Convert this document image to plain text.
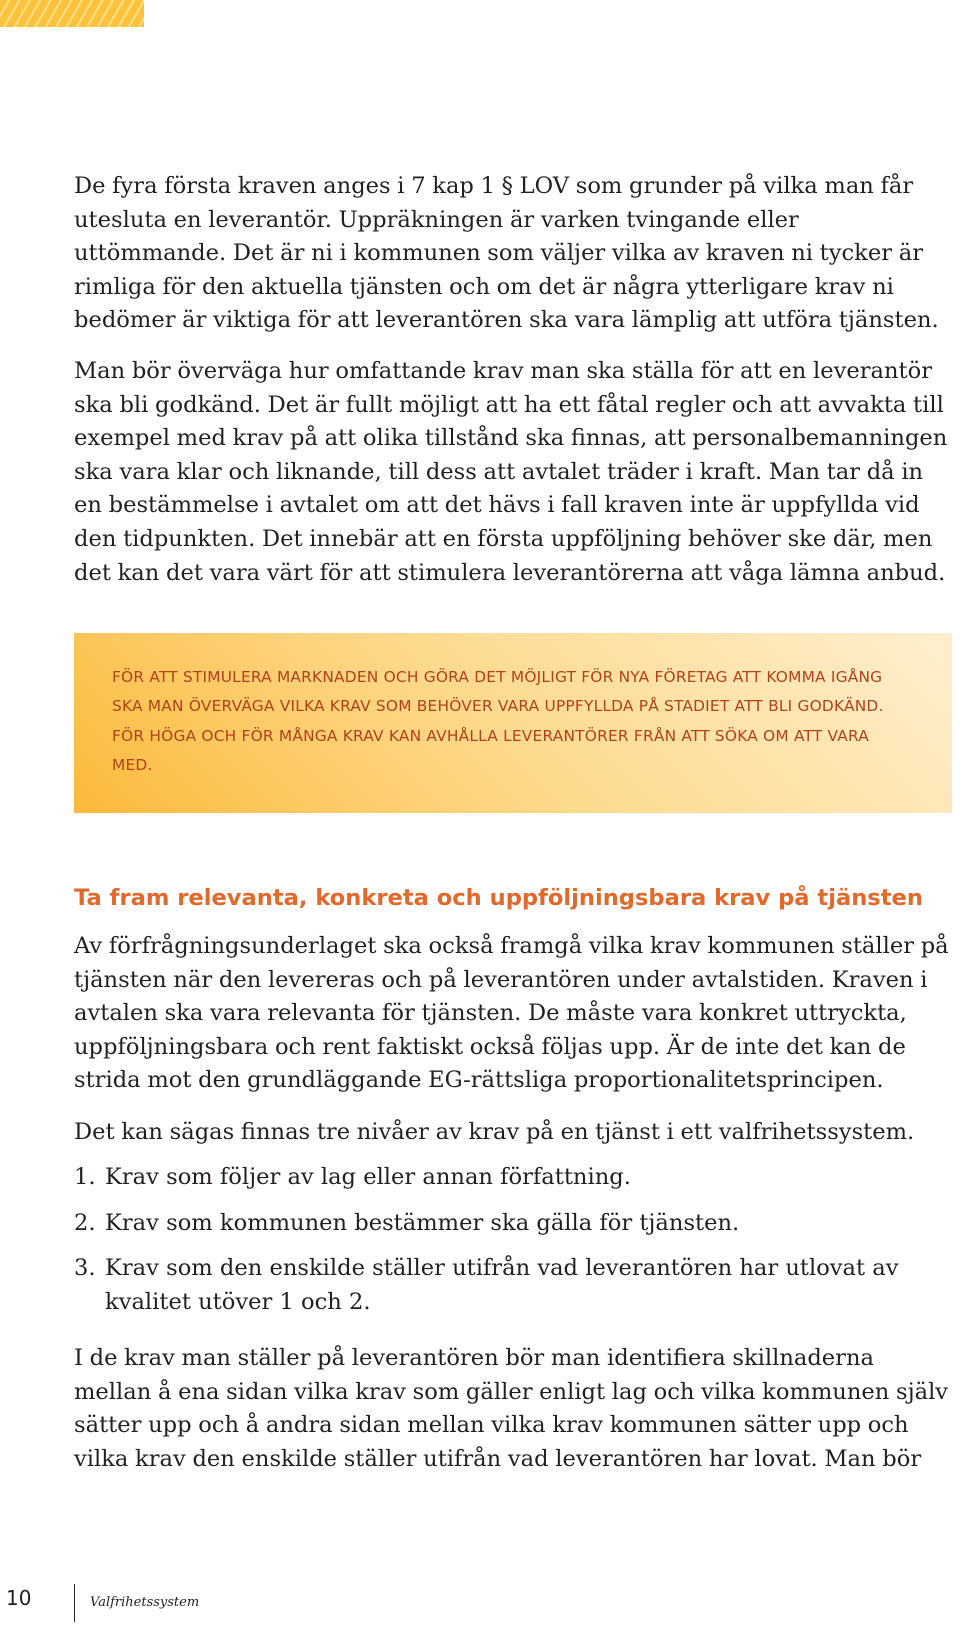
De fyra första kraven anges i 7 kap 1 § LOV som grunder på vilka man får utesluta en leverantör. Uppräkningen är varken tvingande eller uttömmande. Det är ni i kommunen som väljer vilka av kraven ni tycker är rimliga för den aktuella tjänsten och om det är några ytterligare krav ni bedömer är viktiga för att leverantören ska vara lämplig att utföra tjänsten.

Man bör överväga hur omfattande krav man ska ställa för att en leverantör ska bli godkänd. Det är fullt möjligt att ha ett fåtal regler och att avvakta till exempel med krav på att olika tillstånd ska finnas, att personalbemanningen ska vara klar och liknande, till dess att avtalet träder i kraft. Man tar då in en bestämmelse i avtalet om att det hävs i fall kraven inte är uppfyllda vid den tidpunkten. Det innebär att en första uppföljning behöver ske där, men det kan det vara värt för att stimulera leverantörerna att våga lämna anbud.

FÖR ATT STIMULERA MARKNADEN OCH GÖRA DET MÖJLIGT FÖR NYA FÖRETAG ATT KOMMA IGÅNG SKA MAN ÖVERVÄGA VILKA KRAV SOM BEHÖVER VARA UPPFYLLDA PÅ STADIET ATT BLI GODKÄND. FÖR HÖGA OCH FÖR MÅNGA KRAV KAN AVHÅLLA LEVERANTÖRER FRÅN ATT SÖKA OM ATT VARA MED.

Ta fram relevanta, konkreta och uppföljningsbara krav på tjänsten

Av förfrågningsunderlaget ska också framgå vilka krav kommunen ställer på tjänsten när den levereras och på leverantören under avtalstiden. Kraven i avtalen ska vara relevanta för tjänsten. De måste vara konkret uttryckta, uppföljningsbara och rent faktiskt också följas upp. Är de inte det kan de strida mot den grundläggande EG-rättsliga proportionalitetsprincipen.

Det kan sägas finnas tre nivåer av krav på en tjänst i ett valfrihetssystem.

1. Krav som följer av lag eller annan författning.
2. Krav som kommunen bestämmer ska gälla för tjänsten.
3. Krav som den enskilde ställer utifrån vad leverantören har utlovat av kvalitet utöver 1 och 2.

I de krav man ställer på leverantören bör man identifiera skillnaderna mellan å ena sidan vilka krav som gäller enligt lag och vilka kommunen själv sätter upp och å andra sidan mellan vilka krav kommunen sätter upp och vilka krav den enskilde ställer utifrån vad leverantören har lovat. Man bör

10	Valfrihetssystem
